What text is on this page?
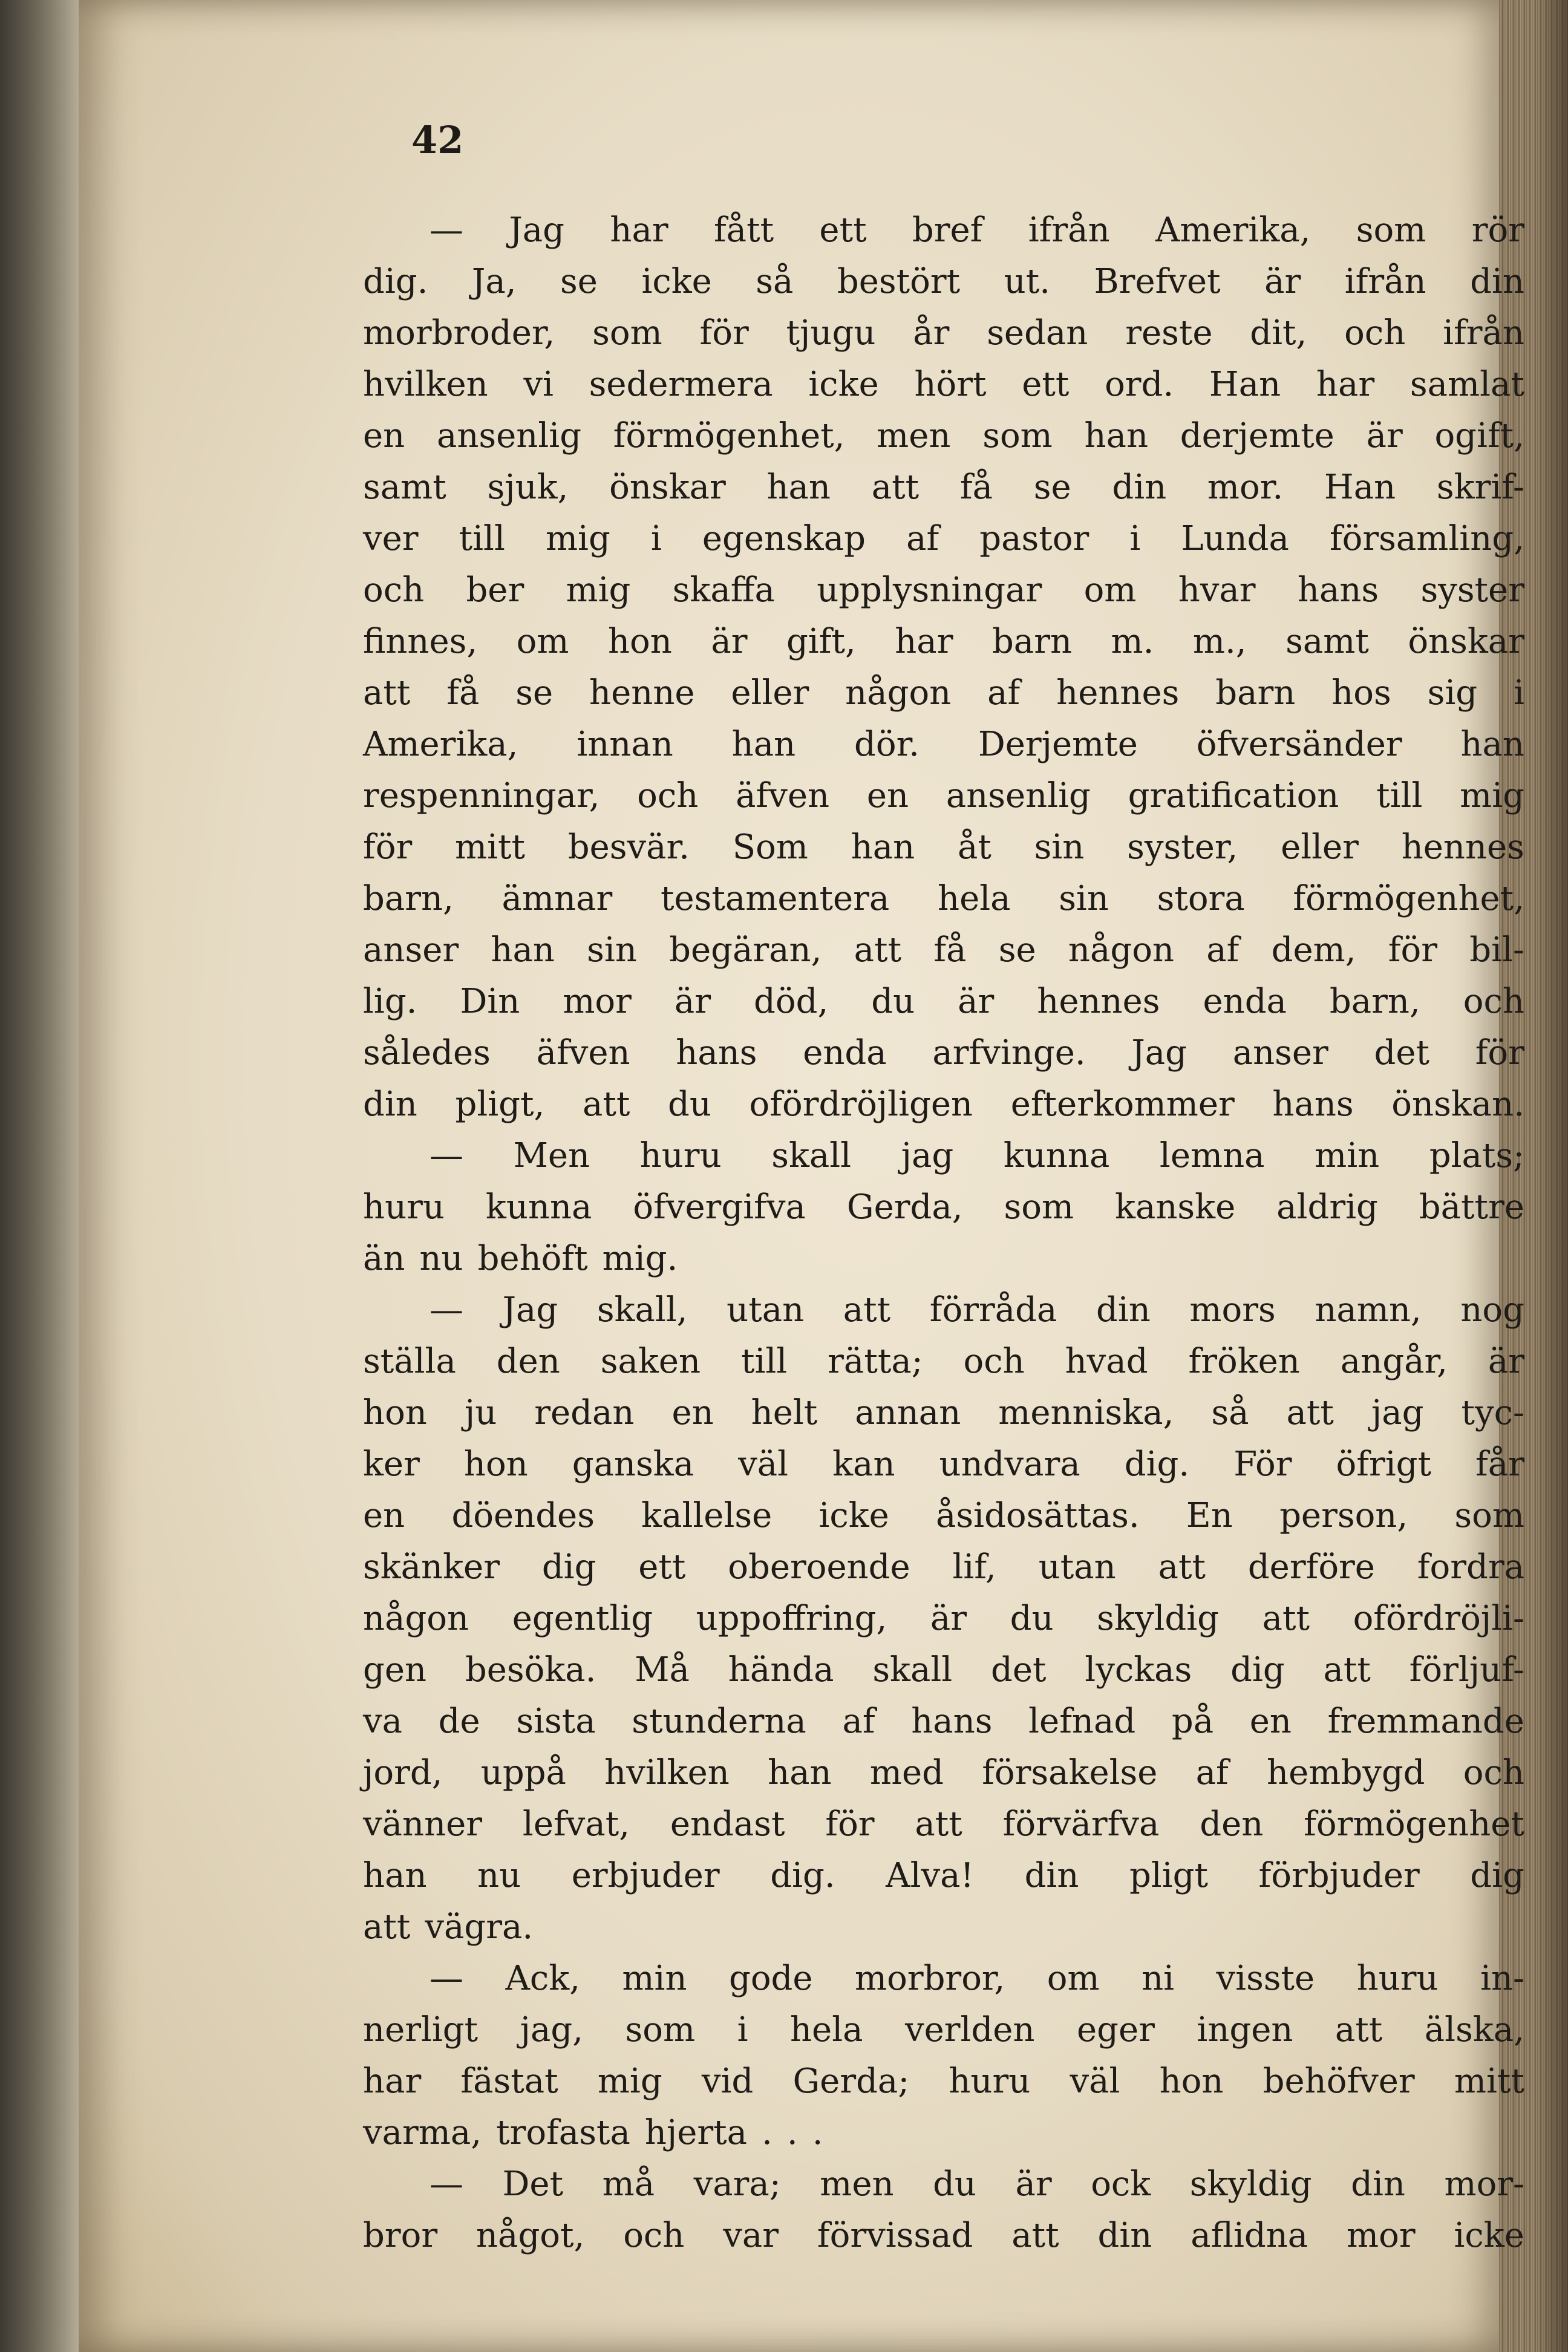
42
— Jag har fått ett bref ifrån Amerika, som rör
dig. Ja, se icke så bestört ut. Brefvet är ifrån din
morbroder, som för tjugu år sedan reste dit, och ifrån
hvilken vi sedermera icke hört ett ord. Han har samlat
en ansenlig förmögenhet, men som han derjemte är ogift,
samt sjuk, önskar han att få se din mor. Han skrif-
ver till mig i egenskap af pastor i Lunda församling,
och ber mig skaffa upplysningar om hvar hans syster
finnes, om hon är gift, har barn m. m., samt önskar
att få se henne eller någon af hennes barn hos sig i
Amerika, innan han dör. Derjemte öfversänder han
respenningar, och äfven en ansenlig gratification till mig
för mitt besvär. Som han åt sin syster, eller hennes
barn, ämnar testamentera hela sin stora förmögenhet,
anser han sin begäran, att få se någon af dem, för bil-
lig. Din mor är död, du är hennes enda barn, och
således äfven hans enda arfvinge. Jag anser det för
din pligt, att du ofördröjligen efterkommer hans önskan.
— Men huru skall jag kunna lemna min plats;
huru kunna öfvergifva Gerda, som kanske aldrig bättre
än nu behöft mig.
— Jag skall, utan att förråda din mors namn, nog
ställa den saken till rätta; och hvad fröken angår, är
hon ju redan en helt annan menniska, så att jag tyc-
ker hon ganska väl kan undvara dig. För öfrigt får
en döendes kallelse icke åsidosättas. En person, som
skänker dig ett oberoende lif, utan att derföre fordra
någon egentlig uppoffring, är du skyldig att ofördröjli-
gen besöka. Må hända skall det lyckas dig att förljuf-
va de sista stunderna af hans lefnad på en fremmande
jord, uppå hvilken han med försakelse af hembygd och
vänner lefvat, endast för att förvärfva den förmögenhet
han nu erbjuder dig. Alva! din pligt förbjuder dig
att vägra.
— Ack, min gode morbror, om ni visste huru in-
nerligt jag, som i hela verlden eger ingen att älska,
har fästat mig vid Gerda; huru väl hon behöfver mitt
varma, trofasta hjerta . . .
— Det må vara; men du är ock skyldig din mor-
bror något, och var förvissad att din aflidna mor icke
